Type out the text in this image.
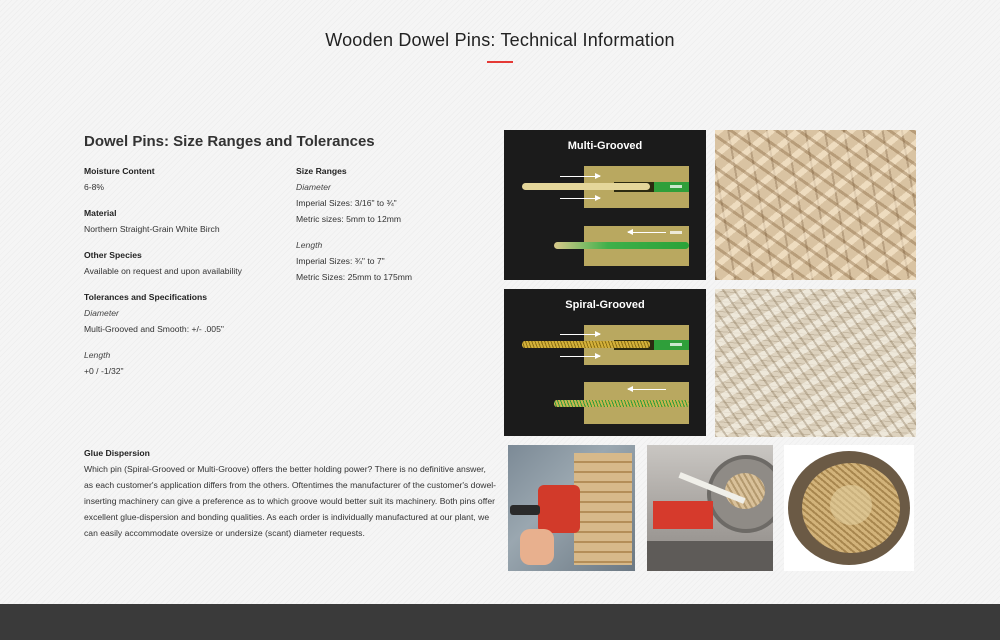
Wooden Dowel Pins: Technical Information
Dowel Pins: Size Ranges and Tolerances
Moisture Content
6-8%
Material
Northern Straight-Grain White Birch
Other Species
Available on request and upon availability
Tolerances and Specifications
Diameter
Multi-Grooved and Smooth: +/- .005"
Length
+0 / -1/32"
Size Ranges
Diameter
Imperial Sizes: 3/16" to ¾"
Metric sizes: 5mm to 12mm
Length
Imperial Sizes: ¾" to 7"
Metric Sizes: 25mm to 175mm
Glue Dispersion
Which pin (Spiral-Grooved or Multi-Groove) offers the better holding power? There is no definitive answer, as each customer's application differs from the others. Oftentimes the manufacturer of the customer's dowel-inserting machinery can give a preference as to which groove would better suit its machinery. Both pins offer excellent glue-dispersion and bonding qualities. As each order is individually manufactured at our plant, we can easily accommodate oversize or undersize (scant) diameter requests.
Multi-Grooved
Spiral-Grooved
